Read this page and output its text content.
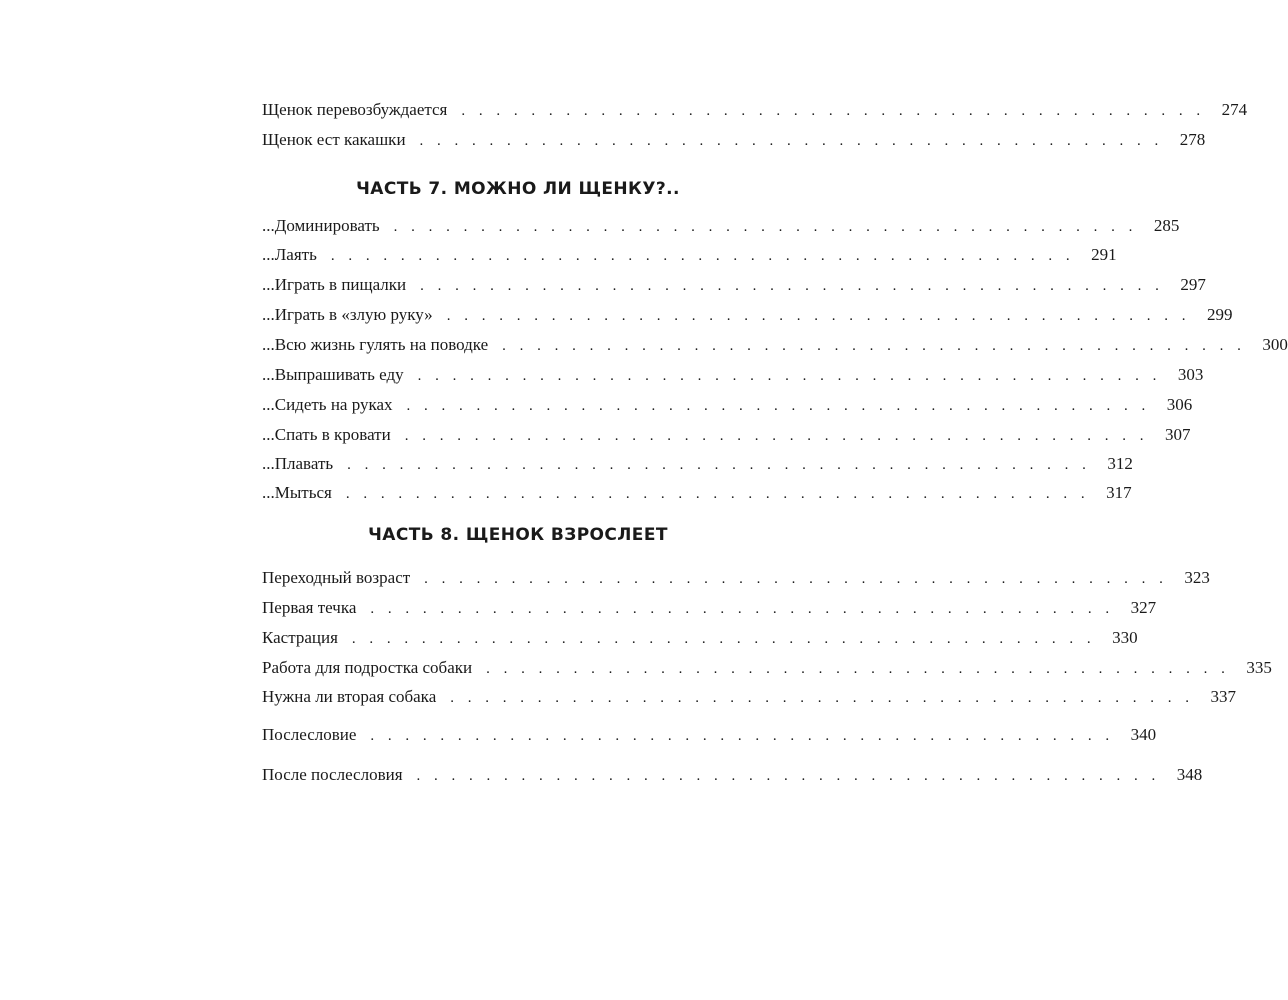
Щенок перевозбуждается . . . . . . . . . . . . . . . . . . . . . . . . . . . . . . . . . . . . . . . . . . . 274
Щенок ест какашки . . . . . . . . . . . . . . . . . . . . . . . . . . . . . . . . . . . . . . . . . . . 278
ЧАСТЬ 7. МОЖНО ЛИ ЩЕНКУ?..
...Доминировать . . . . . . . . . . . . . . . . . . . . . . . . . . . . . . . . . . . . . . . . . . . 285
...Лаять . . . . . . . . . . . . . . . . . . . . . . . . . . . . . . . . . . . . . . . . . . . 291
...Играть в пищалки . . . . . . . . . . . . . . . . . . . . . . . . . . . . . . . . . . . . . . . . . . . 297
...Играть в «злую руку» . . . . . . . . . . . . . . . . . . . . . . . . . . . . . . . . . . . . . . . . . . . 299
...Всю жизнь гулять на поводке . . . . . . . . . . . . . . . . . . . . . . . . . . . . . . . . . . . . . . . . . . . 300
...Выпрашивать еду . . . . . . . . . . . . . . . . . . . . . . . . . . . . . . . . . . . . . . . . . . . 303
...Сидеть на руках . . . . . . . . . . . . . . . . . . . . . . . . . . . . . . . . . . . . . . . . . . . 306
...Спать в кровати . . . . . . . . . . . . . . . . . . . . . . . . . . . . . . . . . . . . . . . . . . . 307
...Плавать . . . . . . . . . . . . . . . . . . . . . . . . . . . . . . . . . . . . . . . . . . . 312
...Мыться . . . . . . . . . . . . . . . . . . . . . . . . . . . . . . . . . . . . . . . . . . . 317
ЧАСТЬ 8. ЩЕНОК ВЗРОСЛЕЕТ
Переходный возраст . . . . . . . . . . . . . . . . . . . . . . . . . . . . . . . . . . . . . . . . . . . 323
Первая течка . . . . . . . . . . . . . . . . . . . . . . . . . . . . . . . . . . . . . . . . . . . 327
Кастрация . . . . . . . . . . . . . . . . . . . . . . . . . . . . . . . . . . . . . . . . . . . 330
Работа для подростка собаки . . . . . . . . . . . . . . . . . . . . . . . . . . . . . . . . . . . . . . . . . . . 335
Нужна ли вторая собака . . . . . . . . . . . . . . . . . . . . . . . . . . . . . . . . . . . . . . . . . . . 337
Послесловие . . . . . . . . . . . . . . . . . . . . . . . . . . . . . . . . . . . . . . . . . . . 340
После послесловия . . . . . . . . . . . . . . . . . . . . . . . . . . . . . . . . . . . . . . . . . . . 348
